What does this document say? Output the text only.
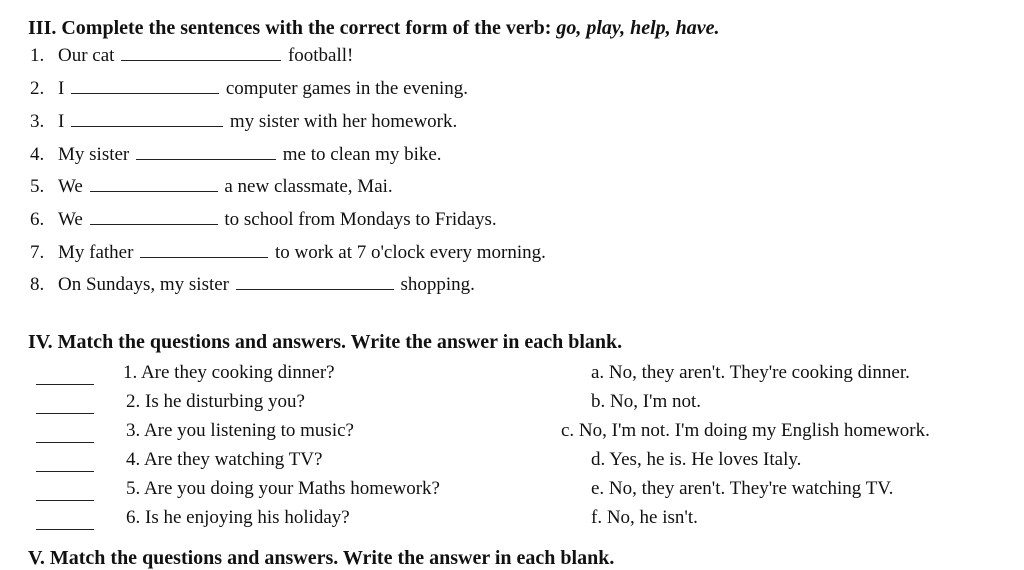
III. Complete the sentences with the correct form of the verb: go, play, help, have.
1. Our cat	football!
2. I	computer games in the evening.
3. I	my sister with her homework.
4. My sister	me to clean my bike.
5. We	a new classmate, Mai.
6. We	to school from Mondays to Fridays.
7. My father	to work at 7 o'clock every morning.
8. On Sundays, my sister	shopping.
IV. Match the questions and answers. Write the answer in each blank.
1. Are they cooking dinner?
2. Is he disturbing you?
3. Are you listening to music?
4. Are they watching TV?
5. Are you doing your Maths homework?
6. Is he enjoying his holiday?
a. No, they aren't. They're cooking dinner.
b. No, I'm not.
c. No, I'm not. I'm doing my English homework.
d. Yes, he is. He loves Italy.
e. No, they aren't. They're watching TV.
f. No, he isn't.
V. Match the questions and answers. Write the answer in each blank.
